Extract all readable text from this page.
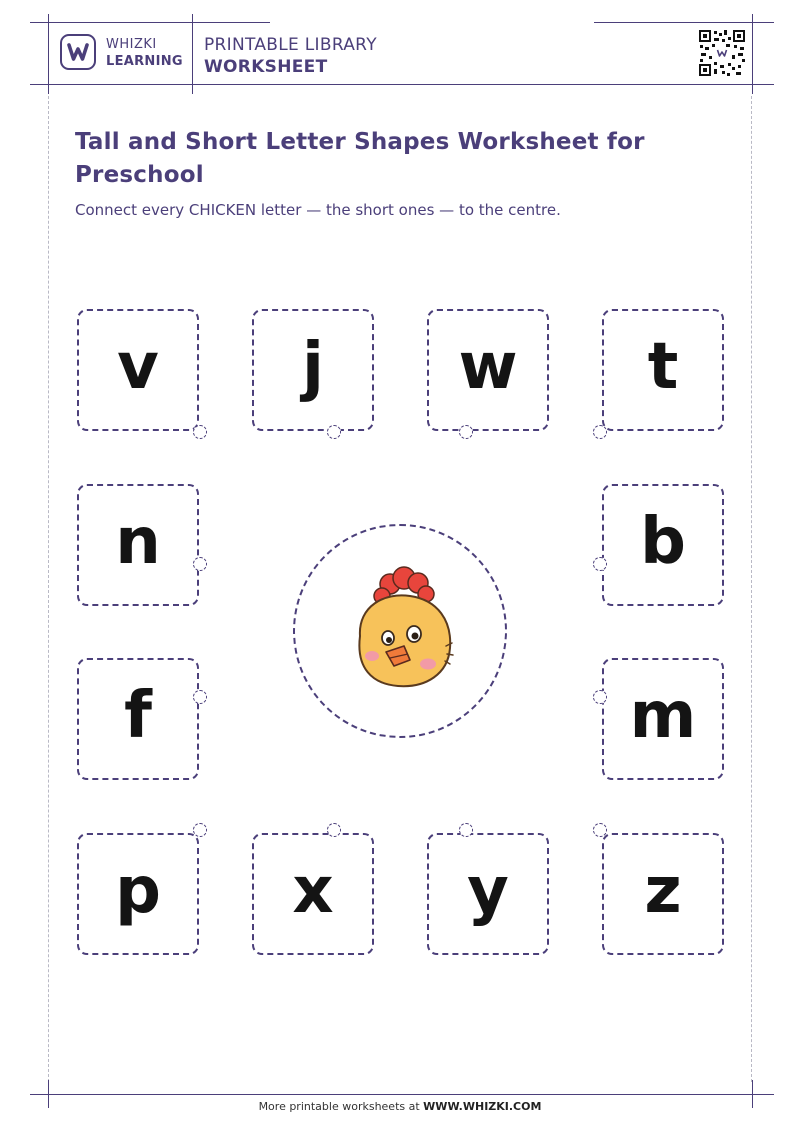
WHIZKI
LEARNING
PRINTABLE LIBRARY
WORKSHEET
Tall and Short Letter Shapes Worksheet for Preschool
Connect every CHICKEN letter — the short ones — to the centre.
v j w t
n	b
f	m
p x y z
More printable worksheets at WWW.WHIZKI.COM
